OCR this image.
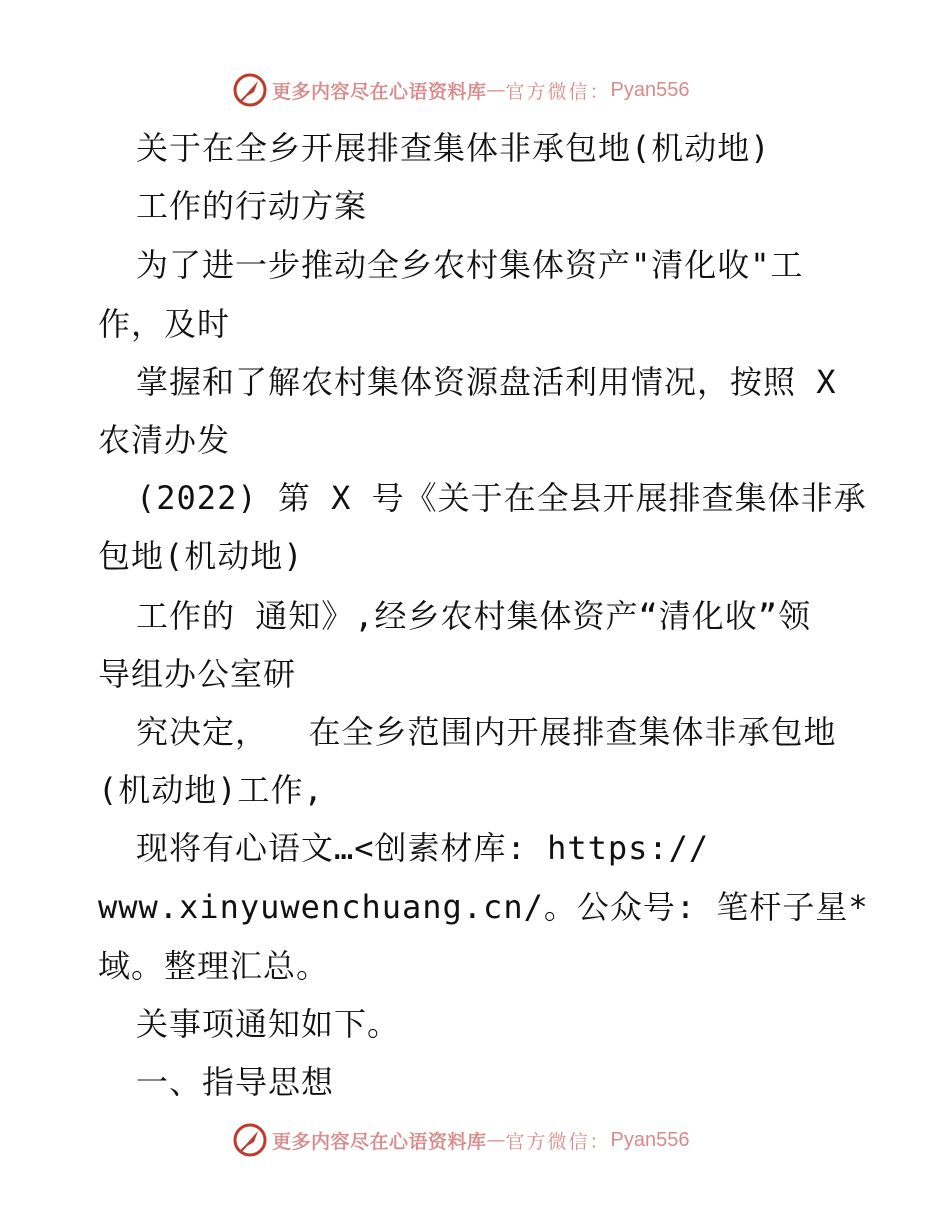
更多内容尽在心语资料库 — 官方微信： Pyan556
关于在全乡开展排查集体非承包地(机动地)
工作的行动方案
为了进一步推动全乡农村集体资产"清化收"工
作，及时
掌握和了解农村集体资源盘活利用情况，按照 X
农清办发
(2022) 第 X 号《关于在全县开展排查集体非承
包地(机动地)
工作的 通知》,经乡农村集体资产“清化收”领
导组办公室研
究决定，  在全乡范围内开展排查集体非承包地
(机动地)工作,
现将有心语文…<创素材库: https://
www.xinyuwenchuang.cn/。公众号: 笔杆子星*
域。整理汇总。
关事项通知如下。
一、指导思想
更多内容尽在心语资料库 — 官方微信： Pyan556
